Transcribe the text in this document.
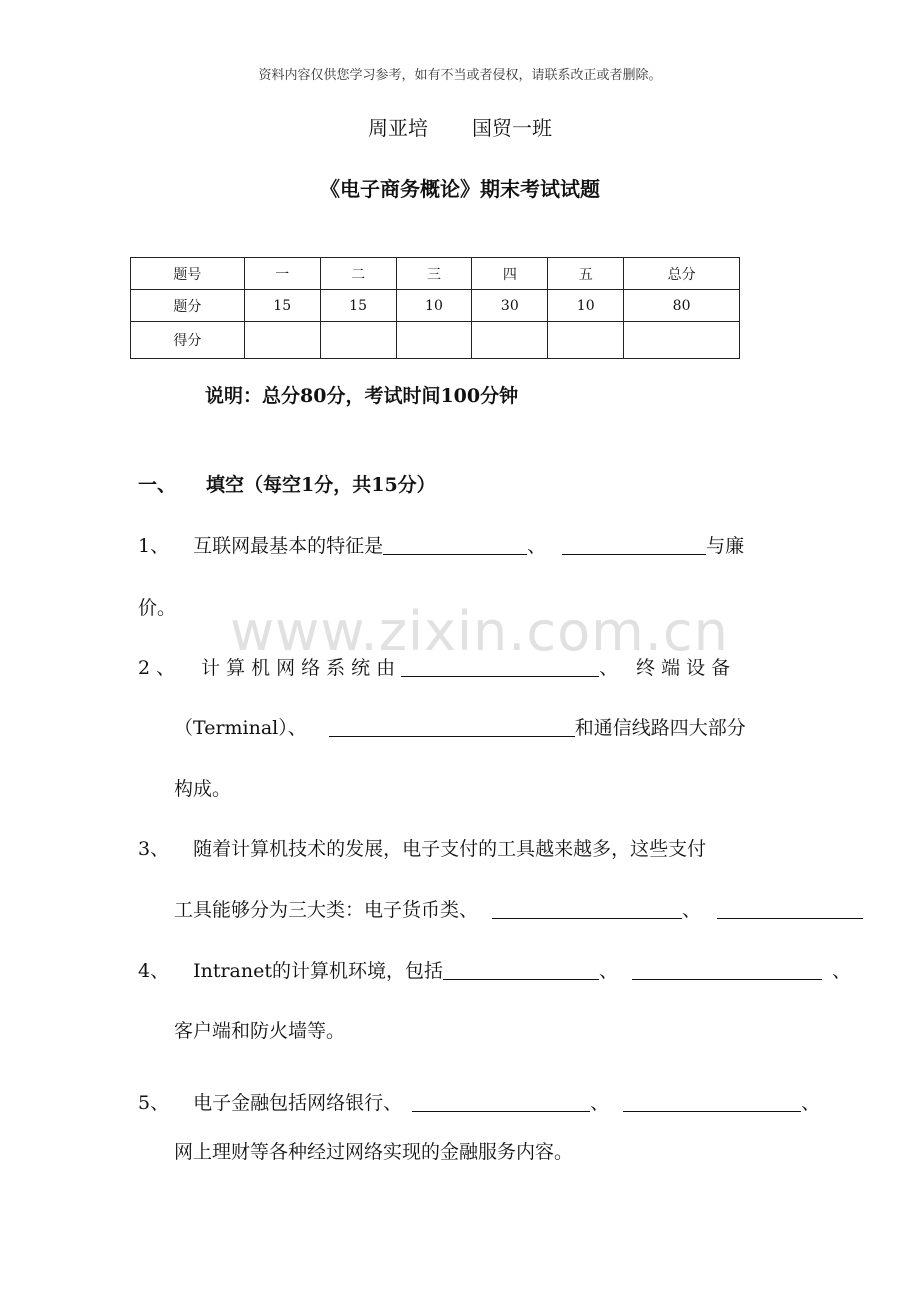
资料内容仅供您学习参考，如有不当或者侵权，请联系改正或者删除。
周亚培 国贸一班
《电子商务概论》期末考试试题
题号	一	二	三	四	五	总分
题分	15	15	10	30	10	80
得分						
说明：总分80分，考试时间100分钟
一、 填空（每空1分，共15分）
www.zixin.com.cn
1、 互联网最基本的特征是	、	与廉
价。
2、 计算机网络系统由	、 终端设备
（Terminal）、	和通信线路四大部分
构成。
3、 随着计算机技术的发展，电子支付的工具越来越多，这些支付
工具能够分为三大类：电子货币类、	、
4、 Intranet的计算机环境，包括	、	、
客户端和防火墙等。
5、 电子金融包括网络银行、	、	、
网上理财等各种经过网络实现的金融服务内容。
